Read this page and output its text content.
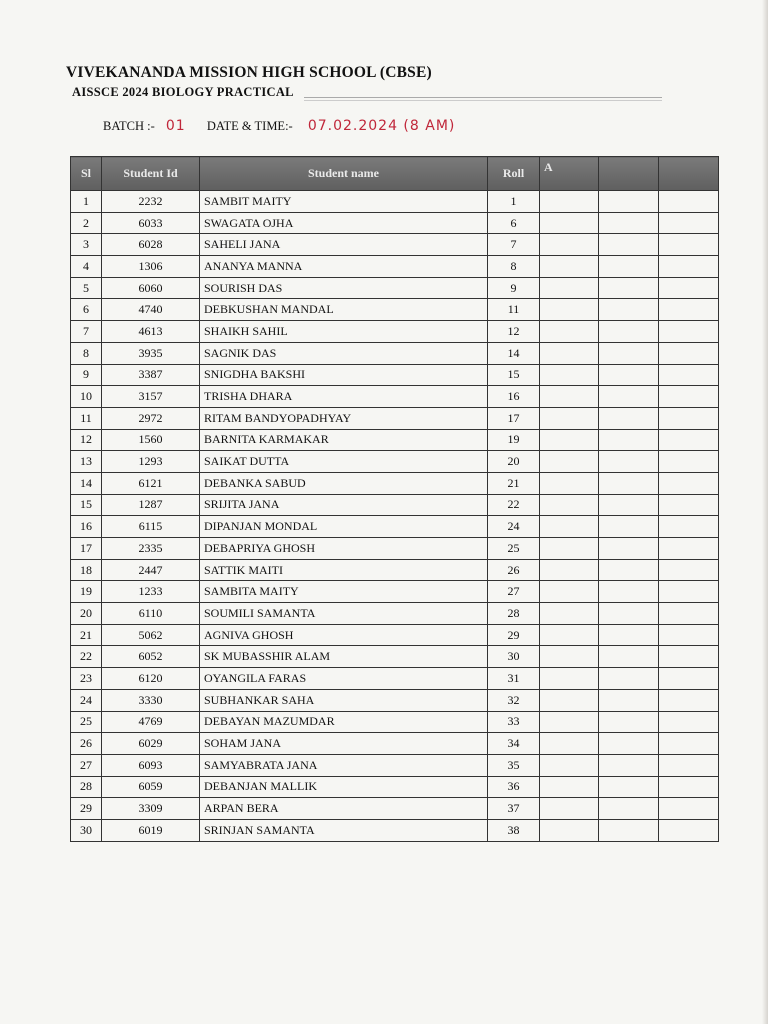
VIVEKANANDA MISSION HIGH SCHOOL (CBSE)
AISSCE 2024 BIOLOGY PRACTICAL
BATCH :- 01 DATE & TIME:- 07.02.2024 (8 AM)
Sl	Student Id	Student name	Roll	A		
1	2232	SAMBIT MAITY	1			
2	6033	SWAGATA OJHA	6			
3	6028	SAHELI JANA	7			
4	1306	ANANYA MANNA	8			
5	6060	SOURISH DAS	9			
6	4740	DEBKUSHAN MANDAL	11			
7	4613	SHAIKH SAHIL	12			
8	3935	SAGNIK DAS	14			
9	3387	SNIGDHA BAKSHI	15			
10	3157	TRISHA DHARA	16			
11	2972	RITAM BANDYOPADHYAY	17			
12	1560	BARNITA KARMAKAR	19			
13	1293	SAIKAT DUTTA	20			
14	6121	DEBANKA SABUD	21			
15	1287	SRIJITA JANA	22			
16	6115	DIPANJAN MONDAL	24			
17	2335	DEBAPRIYA GHOSH	25			
18	2447	SATTIK MAITI	26			
19	1233	SAMBITA MAITY	27			
20	6110	SOUMILI SAMANTA	28			
21	5062	AGNIVA GHOSH	29			
22	6052	SK MUBASSHIR ALAM	30			
23	6120	OYANGILA FARAS	31			
24	3330	SUBHANKAR SAHA	32			
25	4769	DEBAYAN MAZUMDAR	33			
26	6029	SOHAM JANA	34			
27	6093	SAMYABRATA JANA	35			
28	6059	DEBANJAN MALLIK	36			
29	3309	ARPAN BERA	37			
30	6019	SRINJAN SAMANTA	38			
